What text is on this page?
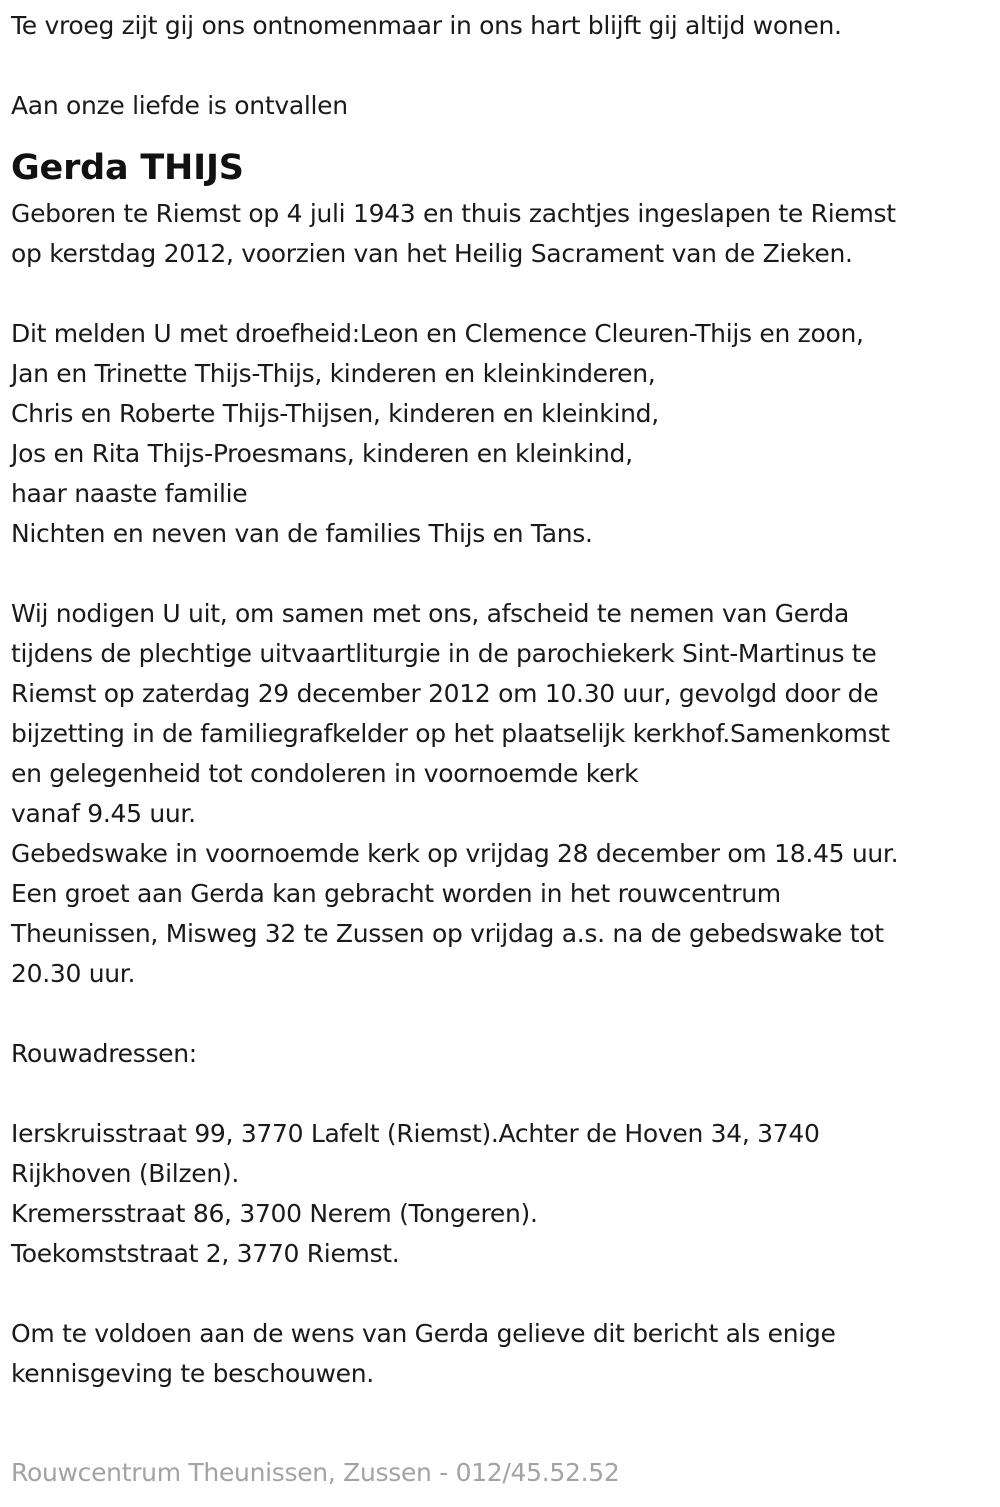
Te vroeg zijt gij ons ontnomenmaar in ons hart blijft gij altijd wonen.
Aan onze liefde is ontvallen
Gerda THIJS
Geboren te Riemst op 4 juli 1943 en thuis zachtjes ingeslapen te Riemst
op kerstdag 2012, voorzien van het Heilig Sacrament van de Zieken.
Dit melden U met droefheid:Leon en Clemence Cleuren-Thijs en zoon,
Jan en Trinette Thijs-Thijs, kinderen en kleinkinderen,
Chris en Roberte Thijs-Thijsen, kinderen en kleinkind,
Jos en Rita Thijs-Proesmans, kinderen en kleinkind,
haar naaste familie
Nichten en neven van de families Thijs en Tans.
Wij nodigen U uit, om samen met ons, afscheid te nemen van Gerda
tijdens de plechtige uitvaartliturgie in de parochiekerk Sint-Martinus te
Riemst op zaterdag 29 december 2012 om 10.30 uur, gevolgd door de
bijzetting in de familiegrafkelder op het plaatselijk kerkhof.Samenkomst
en gelegenheid tot condoleren in voornoemde kerk
vanaf 9.45 uur.
Gebedswake in voornoemde kerk op vrijdag 28 december om 18.45 uur.
Een groet aan Gerda kan gebracht worden in het rouwcentrum
Theunissen, Misweg 32 te Zussen op vrijdag a.s. na de gebedswake tot
20.30 uur.
Rouwadressen:
Ierskruisstraat 99, 3770 Lafelt (Riemst).Achter de Hoven 34, 3740
Rijkhoven (Bilzen).
Kremersstraat 86, 3700 Nerem (Tongeren).
Toekomststraat 2, 3770 Riemst.
Om te voldoen aan de wens van Gerda gelieve dit bericht als enige
kennisgeving te beschouwen.
Rouwcentrum Theunissen, Zussen - 012/45.52.52
